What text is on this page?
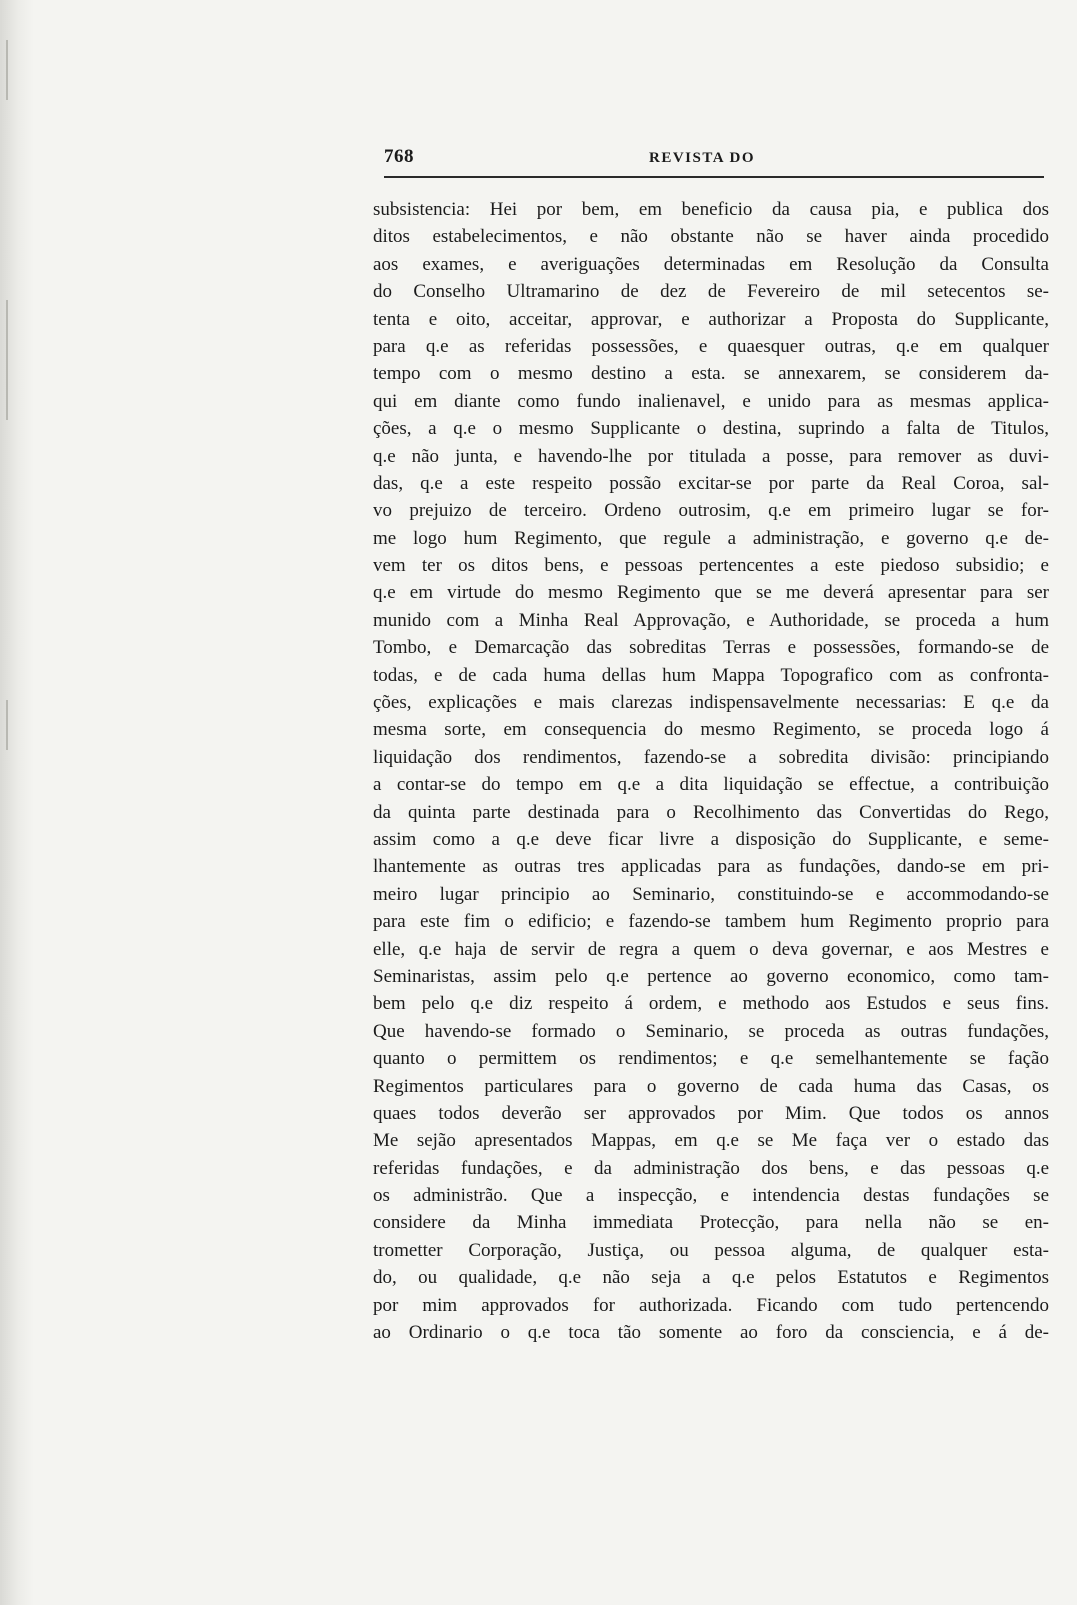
768	REVISTA DO
subsistencia: Hei por bem, em beneficio da causa pia, e publica dos
ditos estabelecimentos, e não obstante não se haver ainda procedido
aos exames, e averiguações determinadas em Resolução da Consulta
do Conselho Ultramarino de dez de Fevereiro de mil setecentos se-
tenta e oito, acceitar, approvar, e authorizar a Proposta do Supplicante,
para q.e as referidas possessões, e quaesquer outras, q.e em qualquer
tempo com o mesmo destino a esta. se annexarem, se considerem da-
qui em diante como fundo inalienavel, e unido para as mesmas applica-
ções, a q.e o mesmo Supplicante o destina, suprindo a falta de Titulos,
q.e não junta, e havendo-lhe por titulada a posse, para remover as duvi-
das, q.e a este respeito possão excitar-se por parte da Real Coroa, sal-
vo prejuizo de terceiro. Ordeno outrosim, q.e em primeiro lugar se for-
me logo hum Regimento, que regule a administração, e governo q.e de-
vem ter os ditos bens, e pessoas pertencentes a este piedoso subsidio; e
q.e em virtude do mesmo Regimento que se me deverá apresentar para ser
munido com a Minha Real Approvação, e Authoridade, se proceda a hum
Tombo, e Demarcação das sobreditas Terras e possessões, formando-se de
todas, e de cada huma dellas hum Mappa Topografico com as confronta-
ções, explicações e mais clarezas indispensavelmente necessarias: E q.e da
mesma sorte, em consequencia do mesmo Regimento, se proceda logo á
liquidação dos rendimentos, fazendo-se a sobredita divisão: principiando
a contar-se do tempo em q.e a dita liquidação se effectue, a contribuição
da quinta parte destinada para o Recolhimento das Convertidas do Rego,
assim como a q.e deve ficar livre a disposição do Supplicante, e seme-
lhantemente as outras tres applicadas para as fundações, dando-se em pri-
meiro lugar principio ao Seminario, constituindo-se e accommodando-se
para este fim o edificio; e fazendo-se tambem hum Regimento proprio para
elle, q.e haja de servir de regra a quem o deva governar, e aos Mestres e
Seminaristas, assim pelo q.e pertence ao governo economico, como tam-
bem pelo q.e diz respeito á ordem, e methodo aos Estudos e seus fins.
Que havendo-se formado o Seminario, se proceda as outras fundações,
quanto o permittem os rendimentos; e q.e semelhantemente se fação
Regimentos particulares para o governo de cada huma das Casas, os
quaes todos deverão ser approvados por Mim. Que todos os annos
Me sejão apresentados Mappas, em q.e se Me faça ver o estado das
referidas fundações, e da administração dos bens, e das pessoas q.e
os administrão. Que a inspecção, e intendencia destas fundações se
considere da Minha immediata Protecção, para nella não se en-
trometter Corporação, Justiça, ou pessoa alguma, de qualquer esta-
do, ou qualidade, q.e não seja a q.e pelos Estatutos e Regimentos
por mim approvados for authorizada. Ficando com tudo pertencendo
ao Ordinario o q.e toca tão somente ao foro da consciencia, e á de-
